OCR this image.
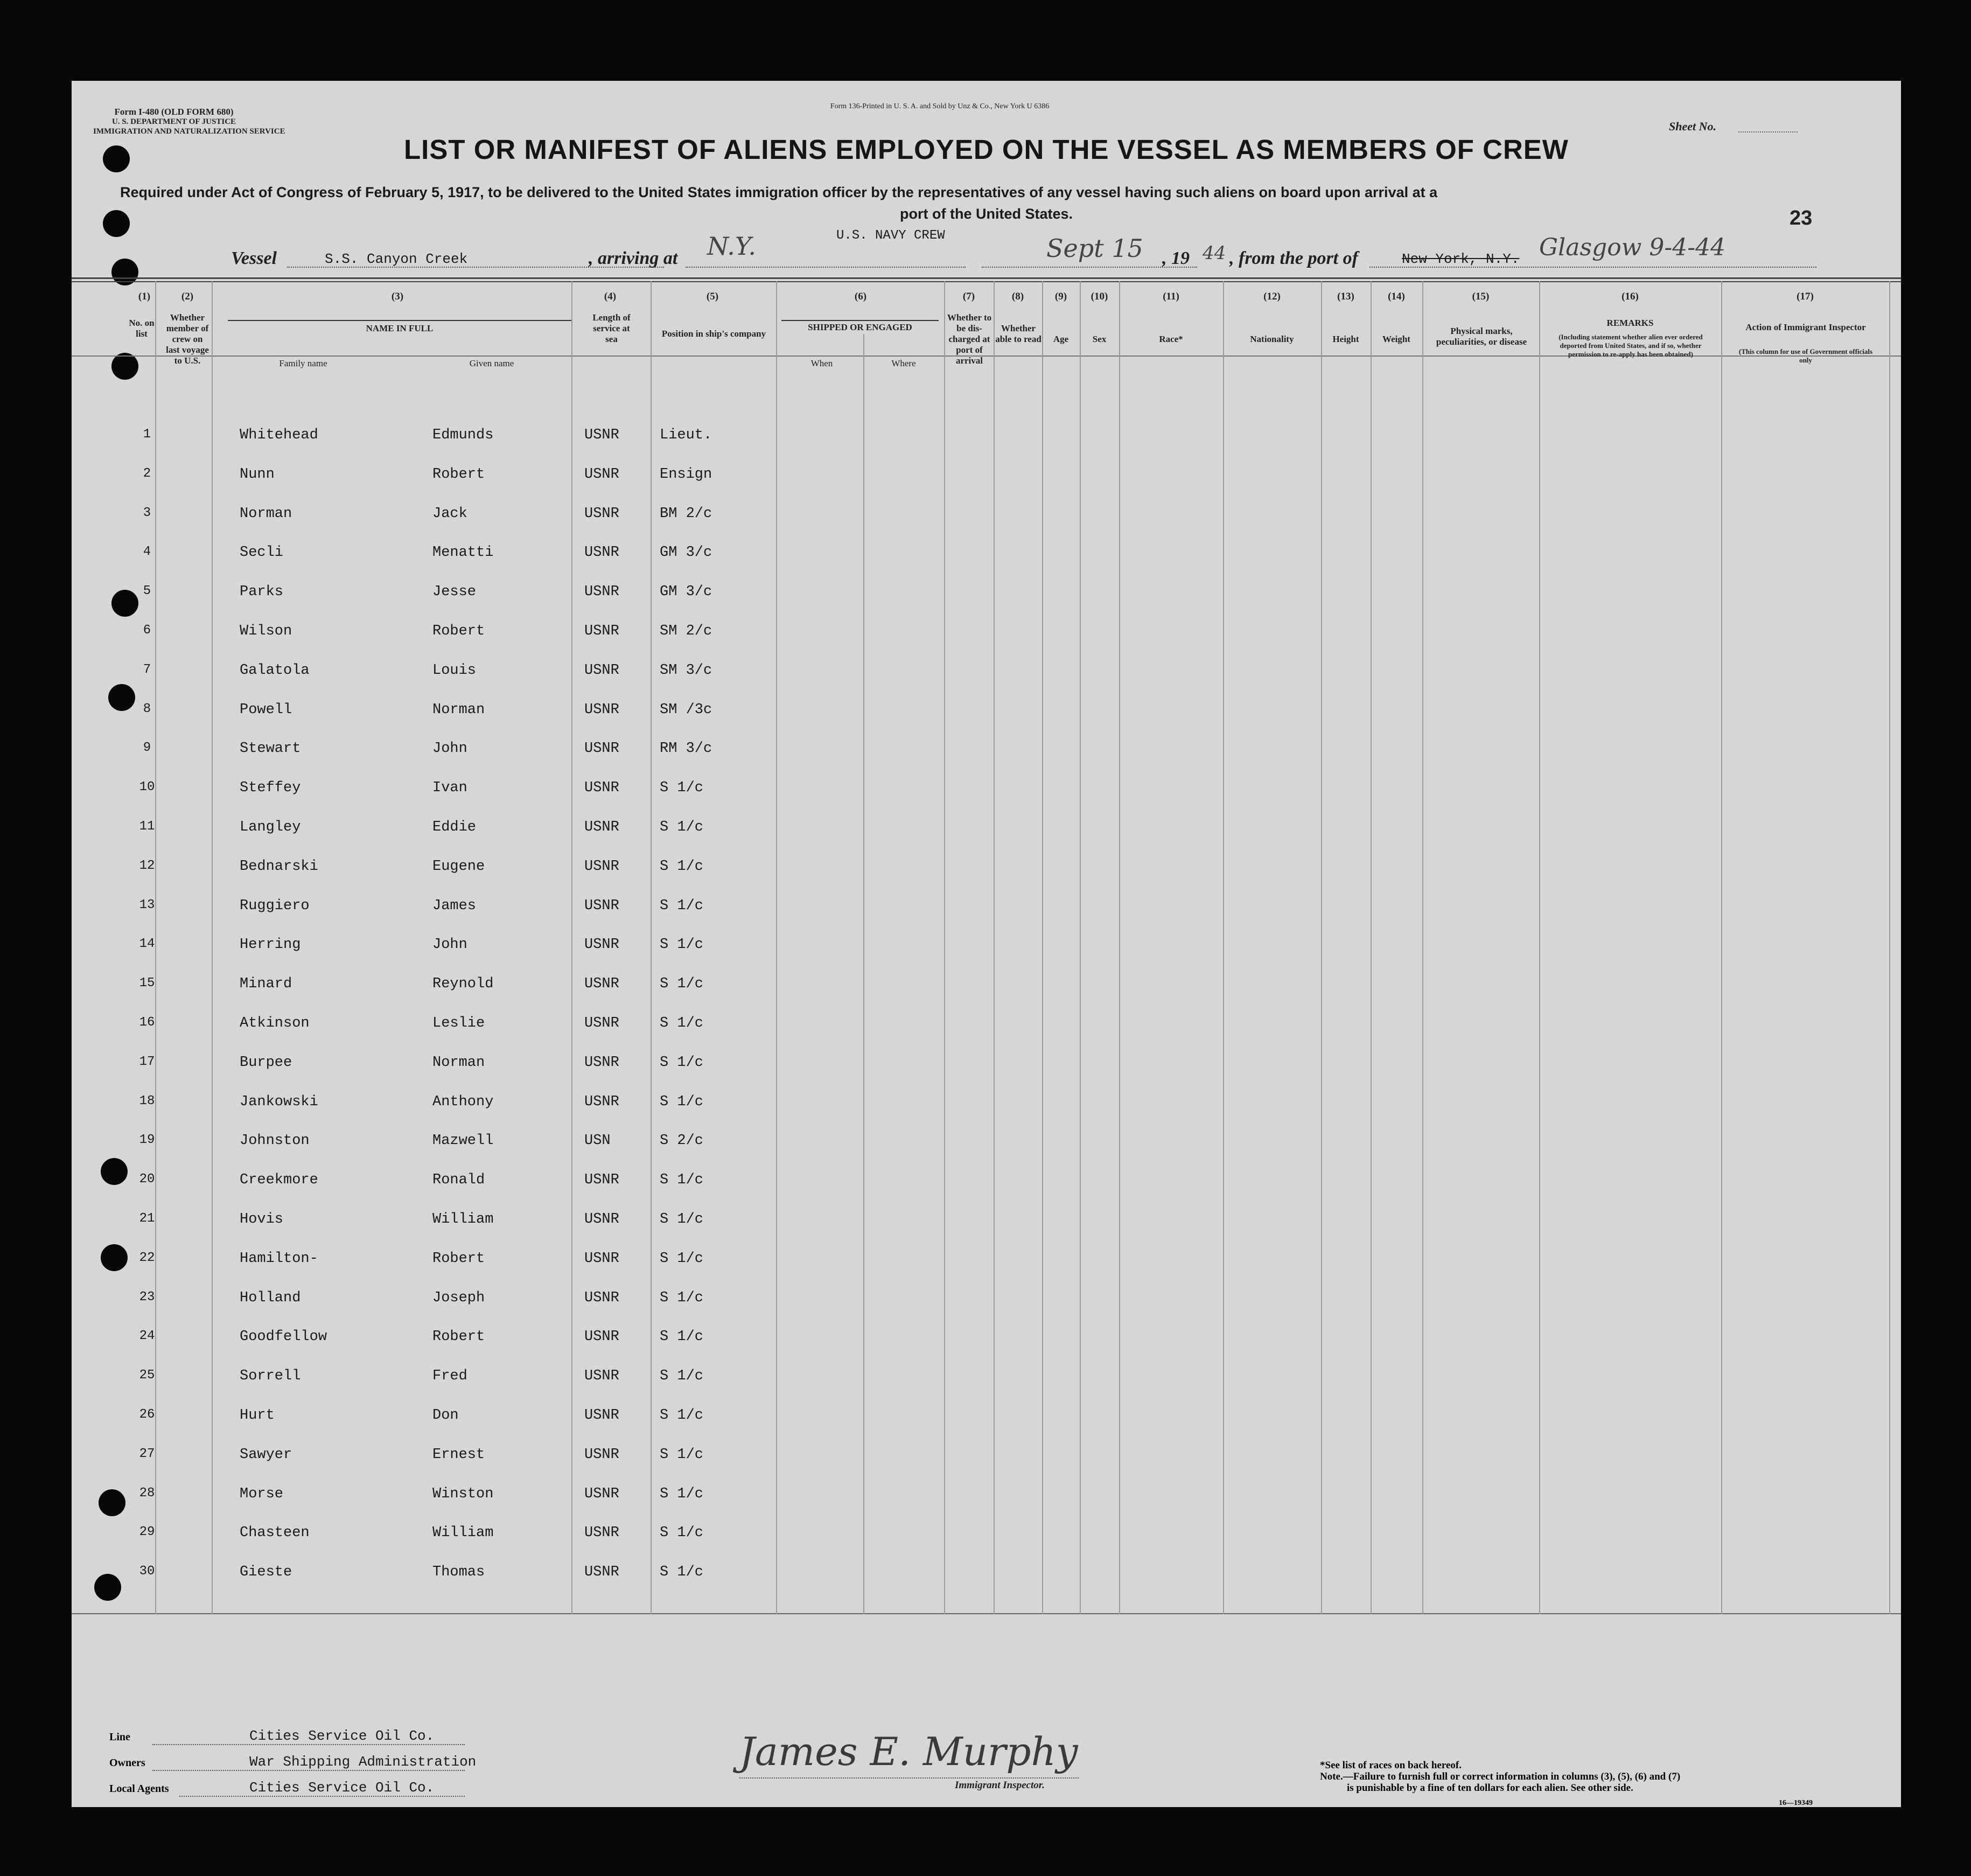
Form I-480 (OLD FORM 680)
U. S. DEPARTMENT OF JUSTICE
IMMIGRATION AND NATURALIZATION SERVICE
Form 136-Printed in U. S. A. and Sold by Unz & Co., New York U 6386
Sheet No.
LIST OR MANIFEST OF ALIENS EMPLOYED ON THE VESSEL AS MEMBERS OF CREW
Required under Act of Congress of February 5, 1917, to be delivered to the United States immigration officer by the representatives of any vessel having such aliens on board upon arrival at a
port of the United States.	23
U.S. NAVY CREW
Vessel	S.S. Canyon Creek	, arriving at N.Y.	Sept 15 , 19 44 , from the port of	New York, N.Y. Glasgow 9-4-44
(1)	(2)	(3)	(4)	(5)	(6)	(7)	(8)	(9)	(10)	(11)	(12)	(13)	(14)	(15)	(16)	(17)
No. on list
Whether member of crew on last voyage to U.S.
NAME IN FULL
Family name	Given name
Length of service at sea
Position in ship's company
SHIPPED OR ENGAGED
When	Where
Whether to be dis-charged at port of arrival
Whether able to read	Age	Sex	Race*	Nationality	Height	Weight
Physical marks, peculiarities, or disease
REMARKS
(Including statement whether alien ever ordered deported from United States, and if so, whether permission to re-apply has been obtained)
Action of Immigrant Inspector
(This column for use of Government officials only
1	Whitehead	Edmunds	USNR	Lieut.
2	Nunn	Robert	USNR	Ensign
3	Norman	Jack	USNR	BM 2/c
4	Secli	Menatti	USNR	GM 3/c
5	Parks	Jesse	USNR	GM 3/c
6	Wilson	Robert	USNR	SM 2/c
7	Galatola	Louis	USNR	SM 3/c
8	Powell	Norman	USNR	SM /3c
9	Stewart	John	USNR	RM 3/c
10	Steffey	Ivan	USNR	S 1/c
11	Langley	Eddie	USNR	S 1/c
12	Bednarski	Eugene	USNR	S 1/c
13	Ruggiero	James	USNR	S 1/c
14	Herring	John	USNR	S 1/c
15	Minard	Reynold	USNR	S 1/c
16	Atkinson	Leslie	USNR	S 1/c
17	Burpee	Norman	USNR	S 1/c
18	Jankowski	Anthony	USNR	S 1/c
19	Johnston	Mazwell	USN	S 2/c
20	Creekmore	Ronald	USNR	S 1/c
21	Hovis	William	USNR	S 1/c
22	Hamilton-	Robert	USNR	S 1/c
23	Holland	Joseph	USNR	S 1/c
24	Goodfellow	Robert	USNR	S 1/c
25	Sorrell	Fred	USNR	S 1/c
26	Hurt	Don	USNR	S 1/c
27	Sawyer	Ernest	USNR	S 1/c
28	Morse	Winston	USNR	S 1/c
29	Chasteen	William	USNR	S 1/c
30	Gieste	Thomas	USNR	S 1/c
Line	Cities Service Oil Co.
Owners	War Shipping Administration
Local Agents	Cities Service Oil Co.
James E. Murphy
Immigrant Inspector.
*See list of races on back hereof.
Note.—Failure to furnish full or correct information in columns (3), (5), (6) and (7)
is punishable by a fine of ten dollars for each alien. See other side.
16—19349
